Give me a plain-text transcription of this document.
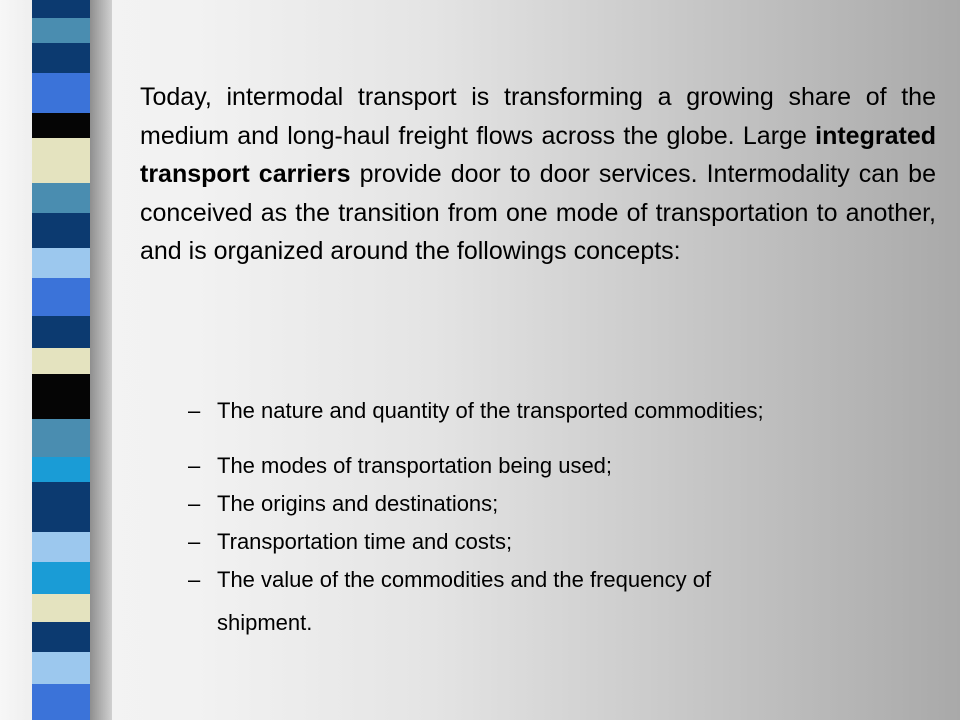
Today, intermodal transport is transforming a growing share of the medium and long-haul freight flows across the globe. Large integrated transport carriers provide door to door services. Intermodality can be conceived as the transition from one mode of transportation to another, and is organized around the followings concepts:

– The nature and quantity of the transported commodities;
– The modes of transportation being used;
– The origins and destinations;
– Transportation time and costs;
– The value of the commodities and the frequency of
shipment.
